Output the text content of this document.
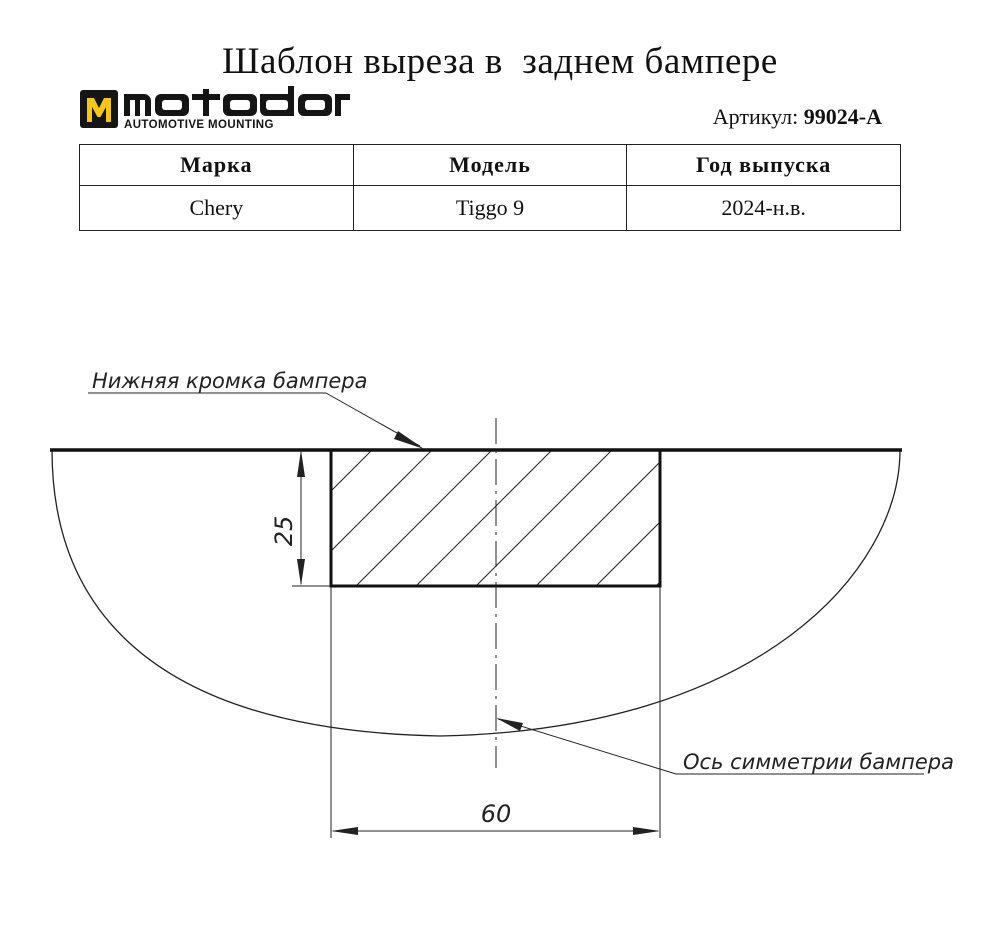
Шаблон выреза в  заднем бампере
AUTOMOTIVE MOUNTING	Артикул: 99024-A
Марка	Модель	Год выпуска
Chery	Tiggo 9	2024-н.в.
25
60
Нижняя кромка бампера
Ось симметрии бампера
